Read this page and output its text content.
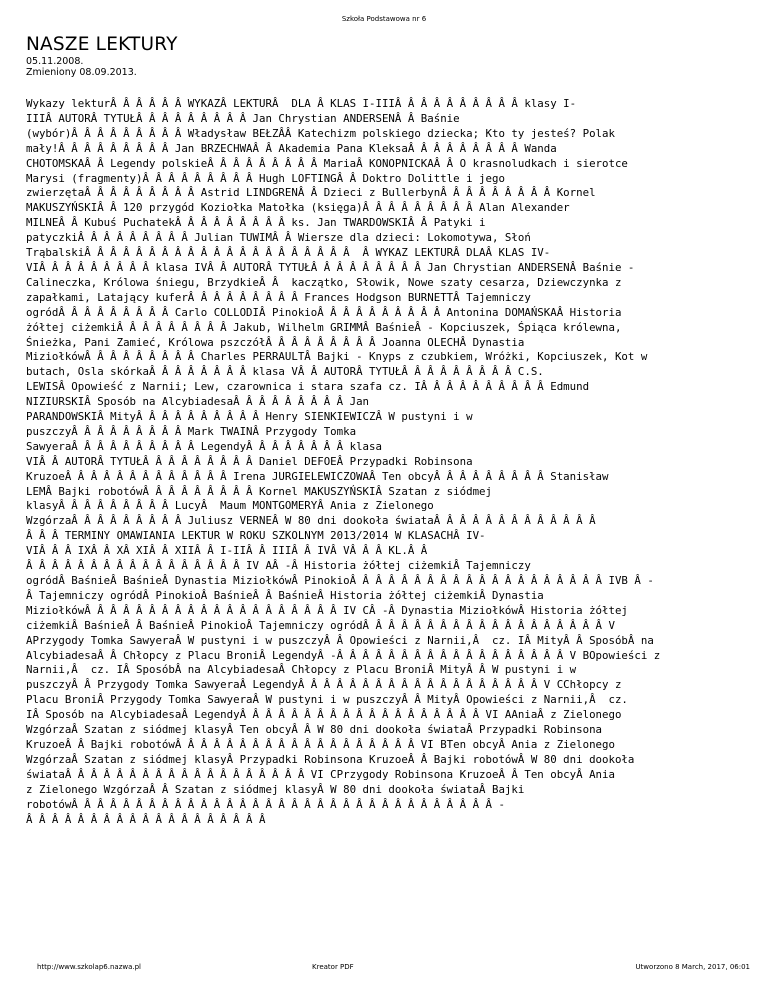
Szkoła Podstawowa nr 6
NASZE LEKTURY
05.11.2008.
Zmieniony 08.09.2013.
Wykazy lekturÂ Â Â Â Â Â WYKAZÂ LEKTURÂ  DLA Â KLAS I-IIIÂ Â Â Â Â Â Â Â Â Â klasy I-
IIIÂ AUTORÂ TYTUŁÂ Â Â Â Â Â Â Â Â Jan Chrystian ANDERSENÂ Â Baśnie
(wybór)Â Â Â Â Â Â Â Â Â Władysław BEŁZÂÂ Katechizm polskiego dziecka; Kto ty jesteś? Polak
mały!Â Â Â Â Â Â Â Â Â Jan BRZECHWAÂ Â Akademia Pana KleksaÂ Â Â Â Â Â Â Â Â Wanda
CHOTOMSKAÂ Â Legendy polskieÂ Â Â Â Â Â Â Â Â MariaÂ KONOPNICKAÂ Â O krasnoludkach i sierotce
Marysi (fragmenty)Â Â Â Â Â Â Â Â Â Hugh LOFTINGÂ Â Doktro Dolittle i jego
zwierzętaÂ Â Â Â Â Â Â Â Â Astrid LINDGRENÂ Â Dzieci z BullerbynÂ Â Â Â Â Â Â Â Â Kornel
MAKUSZYŃSKIÂ Â 120 przygód Koziołka Matołka (księga)Â Â Â Â Â Â Â Â Â Alan Alexander
MILNEÂ Â Kubuś PuchatekÂ Â Â Â Â Â Â Â Â ks. Jan TWARDOWSKIÂ Â Patyki i
patyczkiÂ Â Â Â Â Â Â Â Â Julian TUWIMÂ Â Wiersze dla dzieci: Lokomotywa, Słoń
TrąbalskiÂ Â Â Â Â Â Â Â Â Â Â Â Â Â Â Â Â Â Â Â Â  Â WYKAZ LEKTURÂ DLAÂ KLAS IV-
VIÂ Â Â Â Â Â Â Â Â klasa IVÂ Â AUTORÂ TYTUŁÂ Â Â Â Â Â Â Â Â Jan Chrystian ANDERSENÂ Baśnie -
Calineczka, Królowa śniegu, BrzydkieÂ Â  kaczątko, Słowik, Nowe szaty cesarza, Dziewczynka z
zapałkami, Latający kuferÂ Â Â Â Â Â Â Â Â Frances Hodgson BURNETTÂ Tajemniczy
ogródÂ Â Â Â Â Â Â Â Â Carlo COLLODIÂ PinokioÂ Â Â Â Â Â Â Â Â Â Antonina DOMAŃSKAÂ Historia
żółtej ciżemkiÂ Â Â Â Â Â Â Â Â Jakub, Wilhelm GRIMMÂ BaśnieÂ - Kopciuszek, Śpiąca królewna,
Śnieżka, Pani Zamieć, Królowa pszczółÂ Â Â Â Â Â Â Â Â Joanna OLECHÂ Dynastia
MiziołkówÂ Â Â Â Â Â Â Â Â Charles PERRAULTÂ Bajki - Knyps z czubkiem, Wróżki, Kopciuszek, Kot w
butach, Osla skórkaÂ Â Â Â Â Â Â Â klasa VÂ Â AUTORÂ TYTUŁÂ Â Â Â Â Â Â Â Â C.S.
LEWISÂ Opowieść z Narnii; Lew, czarownica i stara szafa cz. IÂ Â Â Â Â Â Â Â Â Â Edmund
NIZIURSKIÂ Sposób na AlcybiadesaÂ Â Â Â Â Â Â Â Â Jan
PARANDOWSKIÂ MityÂ Â Â Â Â Â Â Â Â Â Henry SIENKIEWICZÂ W pustyni i w
puszczyÂ Â Â Â Â Â Â Â Â Mark TWAINÂ Przygody Tomka
SawyeraÂ Â Â Â Â Â Â Â Â Â LegendyÂ Â Â Â Â Â Â Â klasa
VIÂ Â AUTORÂ TYTUŁÂ Â Â Â Â Â Â Â Â Daniel DEFOEÂ Przypadki Robinsona
KruzoeÂ Â Â Â Â Â Â Â Â Â Â Â Â Irena JURGIELEWICZOWAÂ Ten obcyÂ Â Â Â Â Â Â Â Â Stanisław
LEMÂ Bajki robotówÂ Â Â Â Â Â Â Â Â Kornel MAKUSZYŃSKIÂ Szatan z siódmej
klasyÂ Â Â Â Â Â Â Â Â LucyÂ  Maum MONTGOMERYÂ Ania z Zielonego
WzgórzaÂ Â Â Â Â Â Â Â Â Juliusz VERNEÂ W 80 dni dookoła świataÂ Â Â Â Â Â Â Â Â Â Â Â Â
Â Â Â TERMINY OMAWIANIA LEKTUR W ROKU SZKOLNYM 2013/2014 W KLASACHÂ IV-
VIÂ Â Â IXÂ Â XÂ XIÂ Â XIIÂ Â I-IIÂ Â IIIÂ Â IVÂ VÂ Â Â KL.Â Â
Â Â Â Â Â Â Â Â Â Â Â Â Â Â Â Â Â IV AÂ -Â Historia żółtej ciżemkiÂ Tajemniczy
ogródÂ BaśnieÂ BaśnieÂ Dynastia MiziołkówÂ PinokioÂ Â Â Â Â Â Â Â Â Â Â Â Â Â Â Â Â Â Â Â IVB Â -
Â Tajemniczy ogródÂ PinokioÂ BaśnieÂ Â BaśnieÂ Historia żółtej ciżemkiÂ Dynastia
MiziołkówÂ Â Â Â Â Â Â Â Â Â Â Â Â Â Â Â Â Â Â Â IV CÂ -Â Dynastia MiziołkówÂ Historia żółtej
ciżemkiÂ BaśnieÂ Â BaśnieÂ PinokioÂ Tajemniczy ogródÂ Â Â Â Â Â Â Â Â Â Â Â Â Â Â Â Â Â Â V
APrzygody Tomka SawyeraÂ W pustyni i w puszczyÂ Â Opowieści z Narnii,Â  cz. IÂ MityÂ Â SposóbÂ na
AlcybiadesaÂ Â Chłopcy z Placu BroniÂ LegendyÂ -Â Â Â Â Â Â Â Â Â Â Â Â Â Â Â Â Â Â V BOpowieści z
Narnii,Â  cz. IÂ SposóbÂ na AlcybiadesaÂ Chłopcy z Placu BroniÂ MityÂ Â W pustyni i w
puszczyÂ Â Przygody Tomka SawyeraÂ LegendyÂ Â Â Â Â Â Â Â Â Â Â Â Â Â Â Â Â Â Â V CChłopcy z
Placu BroniÂ Przygody Tomka SawyeraÂ W pustyni i w puszczyÂ Â MityÂ Opowieści z Narnii,Â  cz.
IÂ Sposób na AlcybiadesaÂ LegendyÂ Â Â Â Â Â Â Â Â Â Â Â Â Â Â Â Â Â Â VI AAniaÂ z Zielonego
WzgórzaÂ Szatan z siódmej klasyÂ Ten obcyÂ Â W 80 dni dookoła świataÂ Przypadki Robinsona
KruzoeÂ Â Bajki robotówÂ Â Â Â Â Â Â Â Â Â Â Â Â Â Â Â Â Â Â VI BTen obcyÂ Ania z Zielonego
WzgórzaÂ Szatan z siódmej klasyÂ Przypadki Robinsona KruzoeÂ Â Bajki robotówÂ W 80 dni dookoła
świataÂ Â Â Â Â Â Â Â Â Â Â Â Â Â Â Â Â Â Â VI CPrzygody Robinsona KruzoeÂ Â Ten obcyÂ Ania
z Zielonego WzgórzaÂ Â Szatan z siódmej klasyÂ W 80 dni dookoła świataÂ Bajki
robotówÂ Â Â Â Â Â Â Â Â Â Â Â Â Â Â Â Â Â Â Â Â Â Â Â Â Â Â Â Â Â Â Â Â -
Â Â Â Â Â Â Â Â Â Â Â Â Â Â Â Â Â Â Â
http://www.szkolap6.nazwa.pl	Kreator PDF	Utworzono 8 March, 2017, 06:01
